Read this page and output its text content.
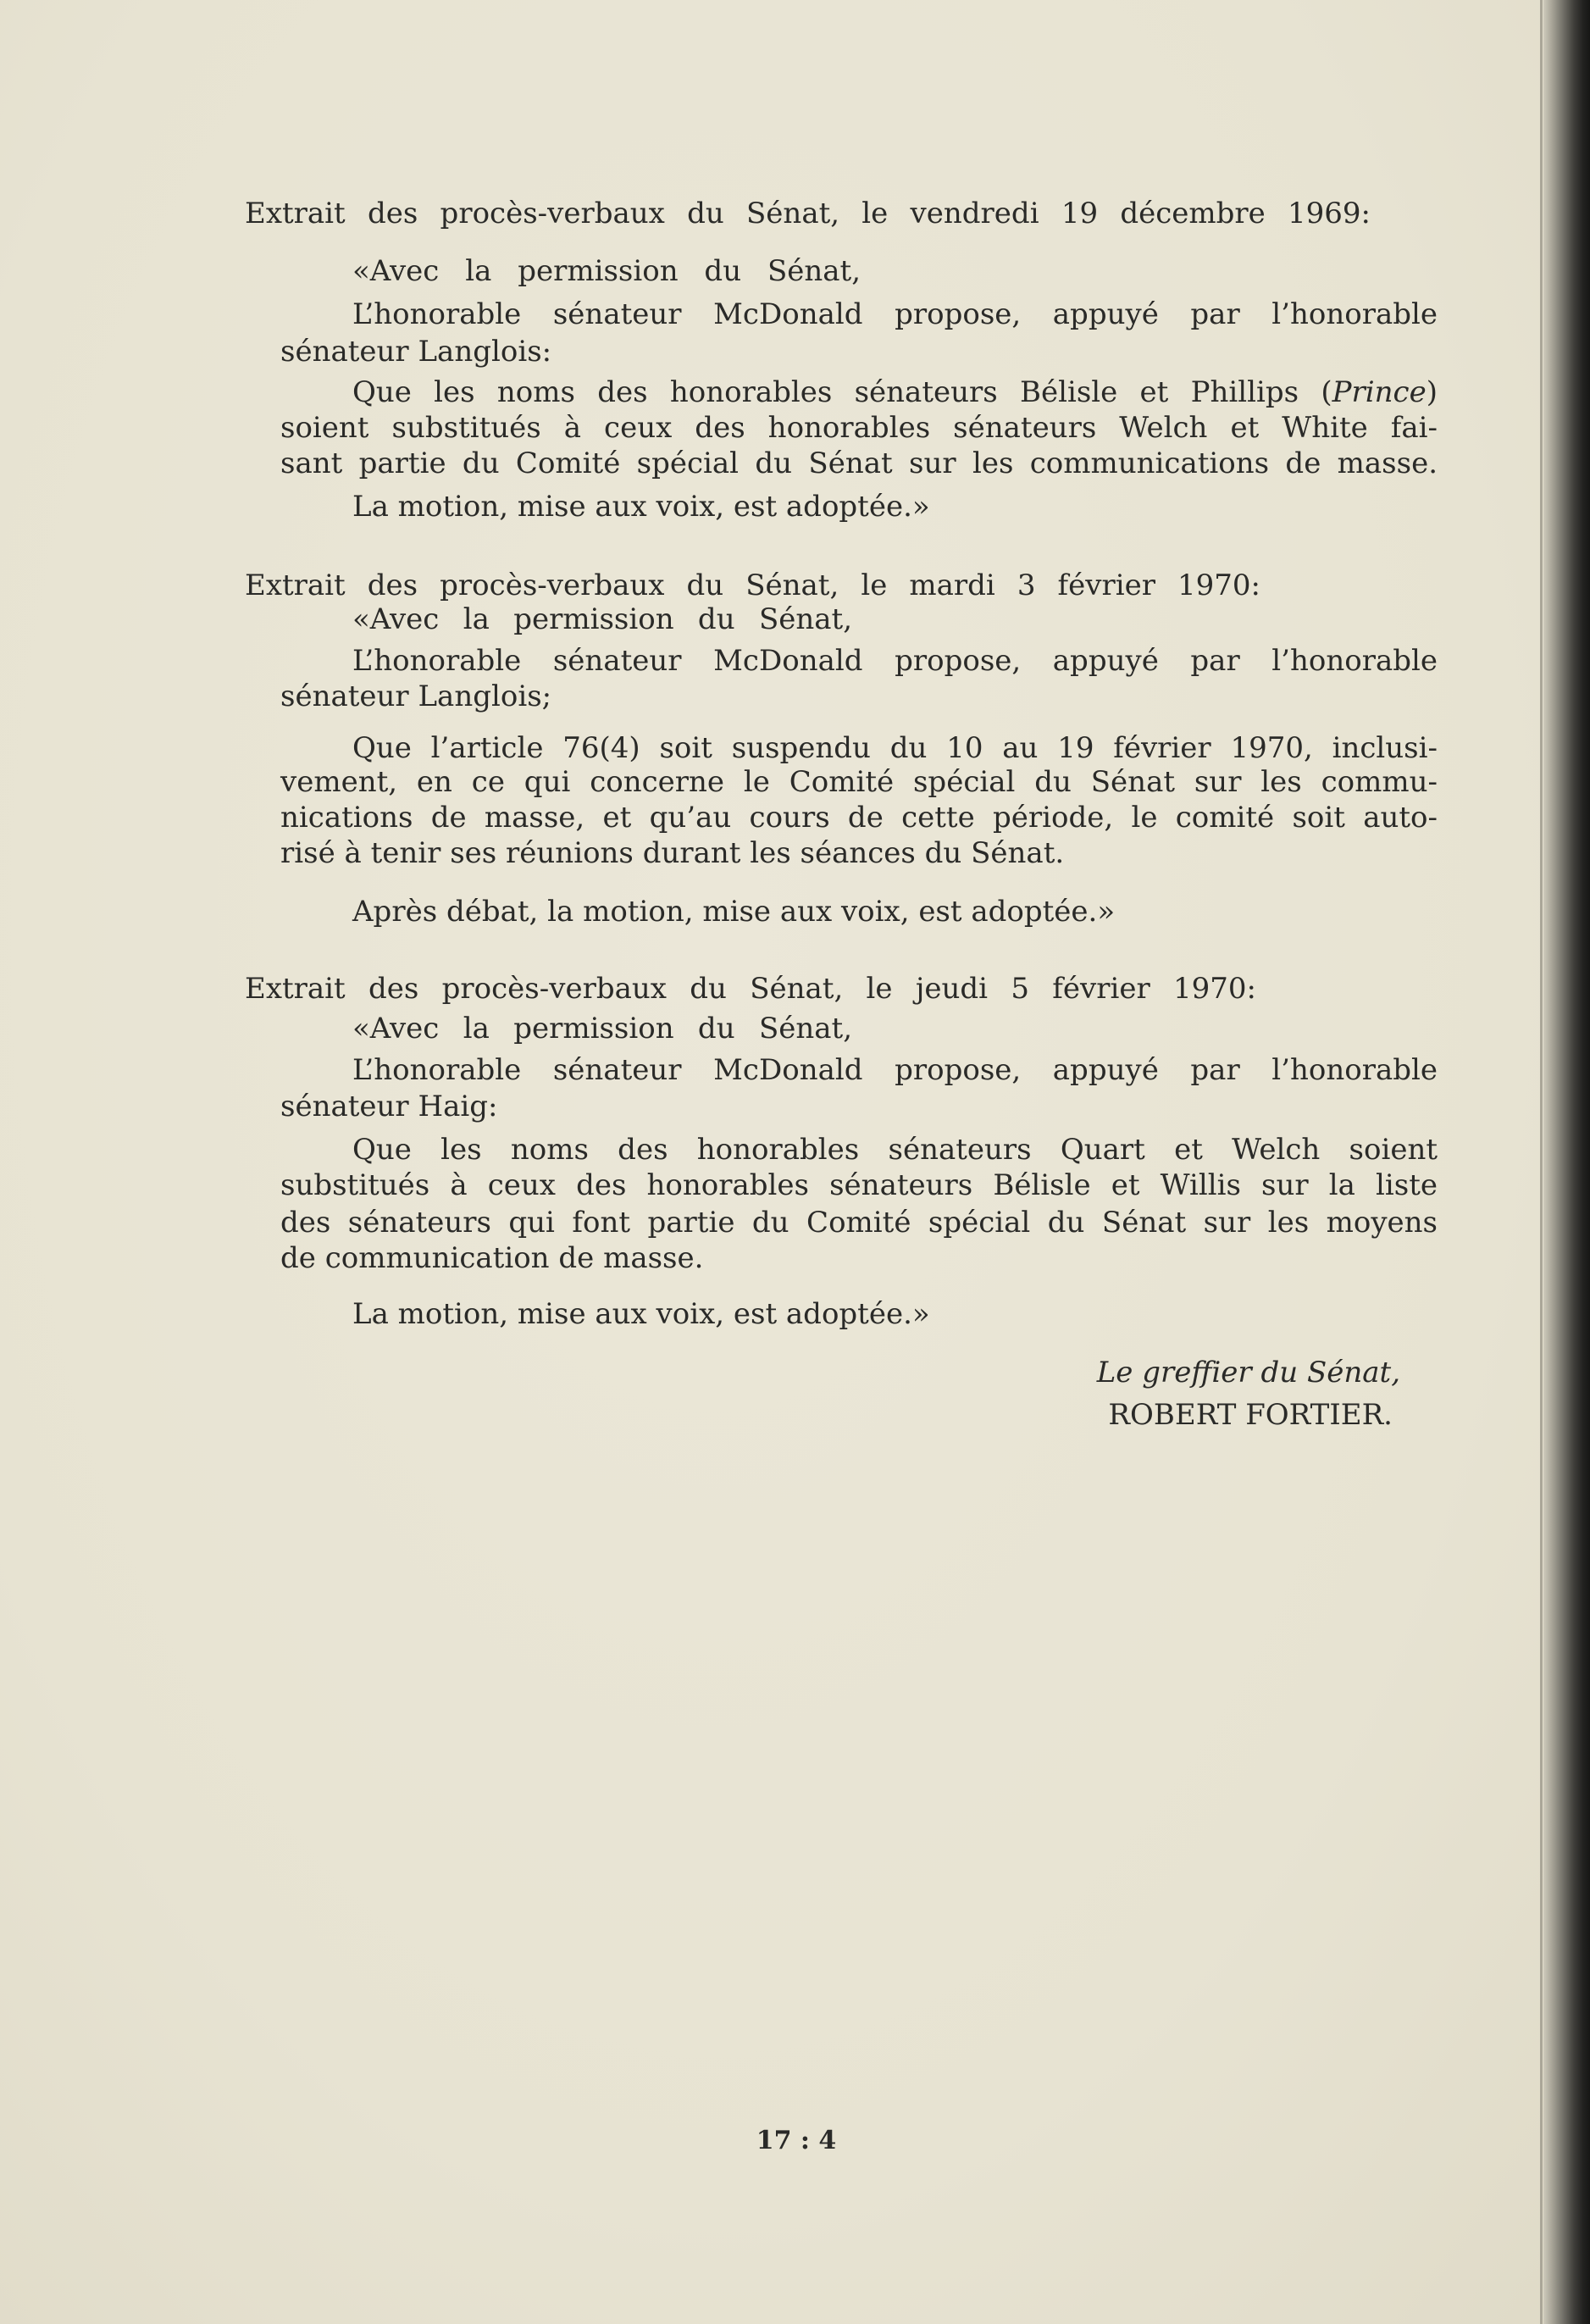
Extrait des procès-verbaux du Sénat, le vendredi 19 décembre 1969:
«Avec la permission du Sénat,
L’honorable sénateur McDonald propose, appuyé par l’honorable
sénateur Langlois:
Que les noms des honorables sénateurs Bélisle et Phillips (Prince)
soient substitués à ceux des honorables sénateurs Welch et White fai-
sant partie du Comité spécial du Sénat sur les communications de masse.
La motion, mise aux voix, est adoptée.»
Extrait des procès-verbaux du Sénat, le mardi 3 février 1970:
«Avec la permission du Sénat,
L’honorable sénateur McDonald propose, appuyé par l’honorable
sénateur Langlois;
Que l’article 76(4) soit suspendu du 10 au 19 février 1970, inclusi-
vement, en ce qui concerne le Comité spécial du Sénat sur les commu-
nications de masse, et qu’au cours de cette période, le comité soit auto-
risé à tenir ses réunions durant les séances du Sénat.
Après débat, la motion, mise aux voix, est adoptée.»
Extrait des procès-verbaux du Sénat, le jeudi 5 février 1970:
«Avec la permission du Sénat,
L’honorable sénateur McDonald propose, appuyé par l’honorable
sénateur Haig:
Que les noms des honorables sénateurs Quart et Welch soient
substitués à ceux des honorables sénateurs Bélisle et Willis sur la liste
des sénateurs qui font partie du Comité spécial du Sénat sur les moyens
de communication de masse.
La motion, mise aux voix, est adoptée.»
Le greffier du Sénat,
ROBERT FORTIER.
17 : 4
